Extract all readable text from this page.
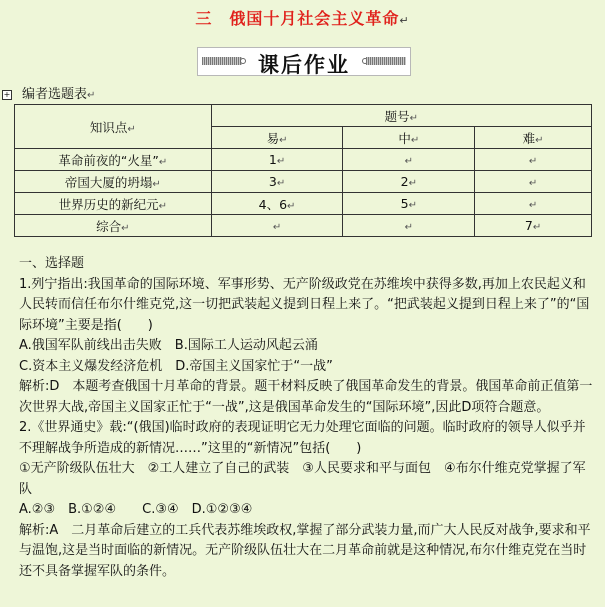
三　俄国十月社会主义革命↵
课后作业
+ 编者选题表↵
知识点↵	题号↵		
	易↵	中↵	难↵
革命前夜的“火星”↵	1↵	↵	↵
帝国大厦的坍塌↵	3↵	2↵	↵
世界历史的新纪元↵	4、6↵	5↵	↵
综合↵	↵	↵	7↵

一、选择题

1.列宁指出:我国革命的国际环境、军事形势、无产阶级政党在苏维埃中获得多数,再加上农民起义和人民转而信任布尔什维克党,这一切把武装起义提到日程上来了。“把武装起义提到日程上来了”的“国际环境”主要是指(　　)

A.俄国军队前线出击失败　B.国际工人运动风起云涌

C.资本主义爆发经济危机　D.帝国主义国家忙于“一战”

解析:D　本题考查俄国十月革命的背景。题干材料反映了俄国革命发生的背景。俄国革命前正值第一次世界大战,帝国主义国家正忙于“一战”,这是俄国革命发生的“国际环境”,因此D项符合题意。

2.《世界通史》载:“(俄国)临时政府的表现证明它无力处理它面临的问题。临时政府的领导人似乎并不理解战争所造成的新情况……”这里的“新情况”包括(　　)

①无产阶级队伍壮大　②工人建立了自己的武装　③人民要求和平与面包　④布尔什维克党掌握了军队

A.②③　B.①②④　　C.③④　D.①②③④

解析:A　二月革命后建立的工兵代表苏维埃政权,掌握了部分武装力量,而广大人民反对战争,要求和平与温饱,这是当时面临的新情况。无产阶级队伍壮大在二月革命前就是这种情况,布尔什维克党在当时还不具备掌握军队的条件。
